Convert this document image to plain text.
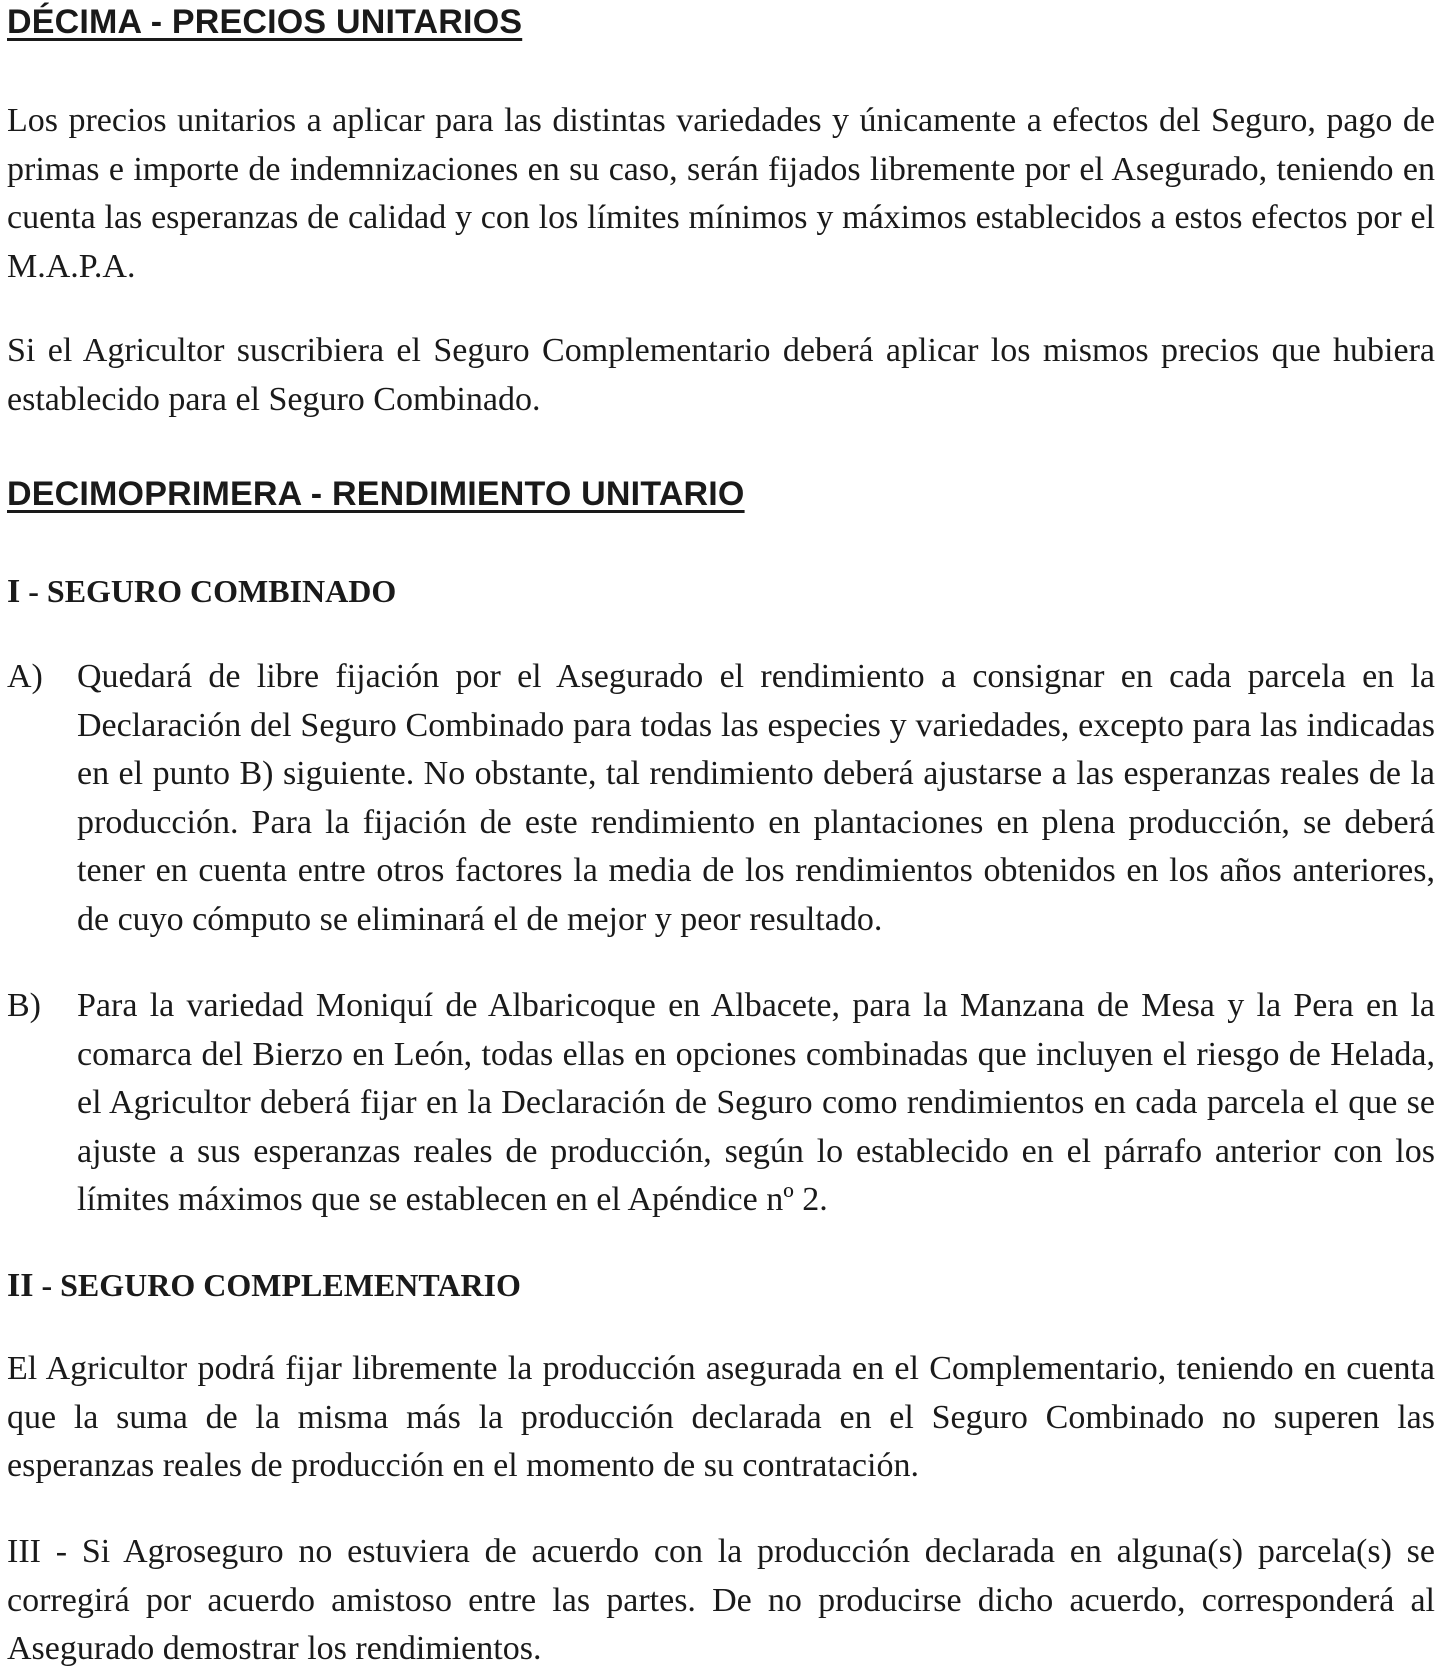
DÉCIMA - PRECIOS UNITARIOS

Los precios unitarios a aplicar para las distintas variedades y únicamente a efectos del Seguro, pago de primas e importe de indemnizaciones en su caso, serán fijados libremente por el Asegurado, teniendo en cuenta las esperanzas de calidad y con los límites mínimos y máximos establecidos a estos efectos por el M.A.P.A.

Si el Agricultor suscribiera el Seguro Complementario deberá aplicar los mismos precios que hubiera establecido para el Seguro Combinado.

DECIMOPRIMERA - RENDIMIENTO UNITARIO
I - SEGURO COMBINADO
A)	Quedará de libre fijación por el Asegurado el rendimiento a consignar en cada parcela en la Declaración del Seguro Combinado para todas las especies y variedades, excepto para las indicadas en el punto B) siguiente. No obstante, tal rendimiento deberá ajustarse a las esperanzas reales de la producción. Para la fijación de este rendimiento en plantaciones en plena producción, se deberá tener en cuenta entre otros factores la media de los rendimientos obtenidos en los años anteriores, de cuyo cómputo se eliminará el de mejor y peor resultado.
B)	Para la variedad Moniquí de Albaricoque en Albacete, para la Manzana de Mesa y la Pera en la comarca del Bierzo en León, todas ellas en opciones combinadas que incluyen el riesgo de Helada, el Agricultor deberá fijar en la Declaración de Seguro como rendimientos en cada parcela el que se ajuste a sus esperanzas reales de producción, según lo establecido en el párrafo anterior con los límites máximos que se establecen en el Apéndice nº 2.
II - SEGURO COMPLEMENTARIO

El Agricultor podrá fijar libremente la producción asegurada en el Complementario, teniendo en cuenta que la suma de la misma más la producción declarada en el Seguro Combinado no superen las esperanzas reales de producción en el momento de su contratación.

III - Si Agroseguro no estuviera de acuerdo con la producción declarada en alguna(s) parcela(s) se corregirá por acuerdo amistoso entre las partes. De no producirse dicho acuerdo, corresponderá al Asegurado demostrar los rendimientos.
